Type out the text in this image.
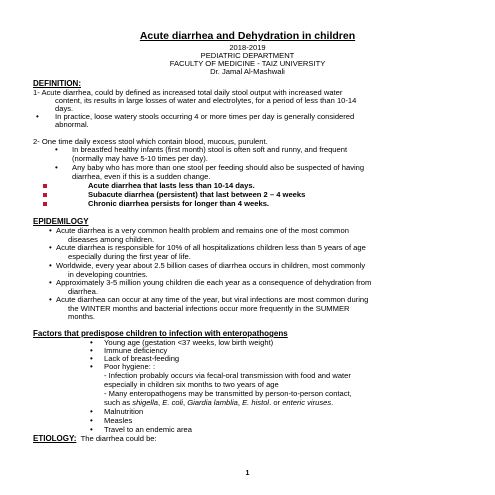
Acute diarrhea and Dehydration in children
2018-2019
PEDIATRIC DEPARTMENT
FACULTY OF MEDICINE - TAIZ UNIVERSITY
Dr. Jamal Al-Mashwali
DEFINITION:
1- Acute diarrhea, could by defined as increased total daily stool output with increased water
content, its results in large losses of water and electrolytes, for a period of less than 10-14
days.
• In practice, loose watery stools occurring 4 or more times per day is generally considered
abnormal.
2- One time daily excess stool which contain blood, mucous, purulent.
• In breastfed healthy infants (first month) stool is often soft and runny, and frequent
(normally may have 5-10 times per day).
• Any baby who has more than one stool per feeding should also be suspected of having
diarrhea, even if this is a sudden change.
Acute diarrhea that lasts less than 10-14 days.
Subacute diarrhea (persistent) that last between 2 – 4 weeks
Chronic diarrhea persists for longer than 4 weeks.
EPIDEMILOGY
• Acute diarrhea is a very common health problem and remains one of the most common
diseases among children.
• Acute diarrhea is responsible for 10% of all hospitalizations children less than 5 years of age
especially during the first year of life.
• Worldwide, every year about 2.5 billion cases of diarrhea occurs in children, most commonly
in developing countries.
• Approximately 3-5 million young children die each year as a consequence of dehydration from
diarrhea.
• Acute diarrhea can occur at any time of the year, but viral infections are most common during
the WINTER months and bacterial infections occur more frequently in the SUMMER
months.
Factors that predispose children to infection with enteropathogens
• Young age (gestation <37 weeks, low birth weight)
• Immune deficiency
• Lack of breast-feeding
• Poor hygiene: :
- Infection probably occurs via fecal-oral transmission with food and water
especially in children six months to two years of age
- Many enteropathogens may be transmitted by person-to-person contact,
such as shigella, E. coli, Giardia lamblia, E. histol. or enteric viruses.
• Malnutrition
• Measles
• Travel to an endemic area
ETIOLOGY: The diarrhea could be:
1
